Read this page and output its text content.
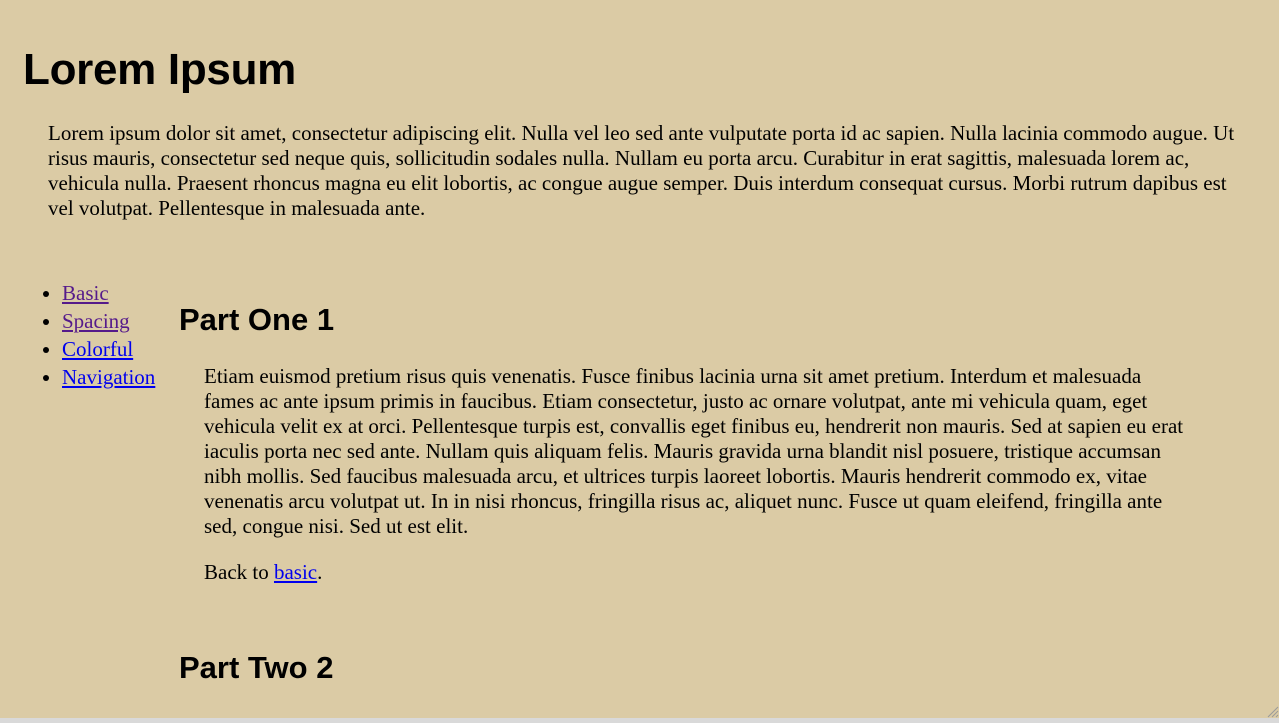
Lorem Ipsum

Lorem ipsum dolor sit amet, consectetur adipiscing elit. Nulla vel leo sed ante vulputate porta id ac sapien. Nulla lacinia commodo augue. Ut risus mauris, consectetur sed neque quis, sollicitudin sodales nulla. Nullam eu porta arcu. Curabitur in erat sagittis, malesuada lorem ac, vehicula nulla. Praesent rhoncus magna eu elit lobortis, ac congue augue semper. Duis interdum consequat cursus. Morbi rutrum dapibus est vel volutpat. Pellentesque in malesuada ante.

• Basic
• Spacing
• Colorful
• Navigation
Part One 1

Etiam euismod pretium risus quis venenatis. Fusce finibus lacinia urna sit amet pretium. Interdum et malesuada fames ac ante ipsum primis in faucibus. Etiam consectetur, justo ac ornare volutpat, ante mi vehicula quam, eget vehicula velit ex at orci. Pellentesque turpis est, convallis eget finibus eu, hendrerit non mauris. Sed at sapien eu erat iaculis porta nec sed ante. Nullam quis aliquam felis. Mauris gravida urna blandit nisl posuere, tristique accumsan nibh mollis. Sed faucibus malesuada arcu, et ultrices turpis laoreet lobortis. Mauris hendrerit commodo ex, vitae venenatis arcu volutpat ut. In in nisi rhoncus, fringilla risus ac, aliquet nunc. Fusce ut quam eleifend, fringilla ante sed, congue nisi. Sed ut est elit.

Back to basic.

Part Two 2
